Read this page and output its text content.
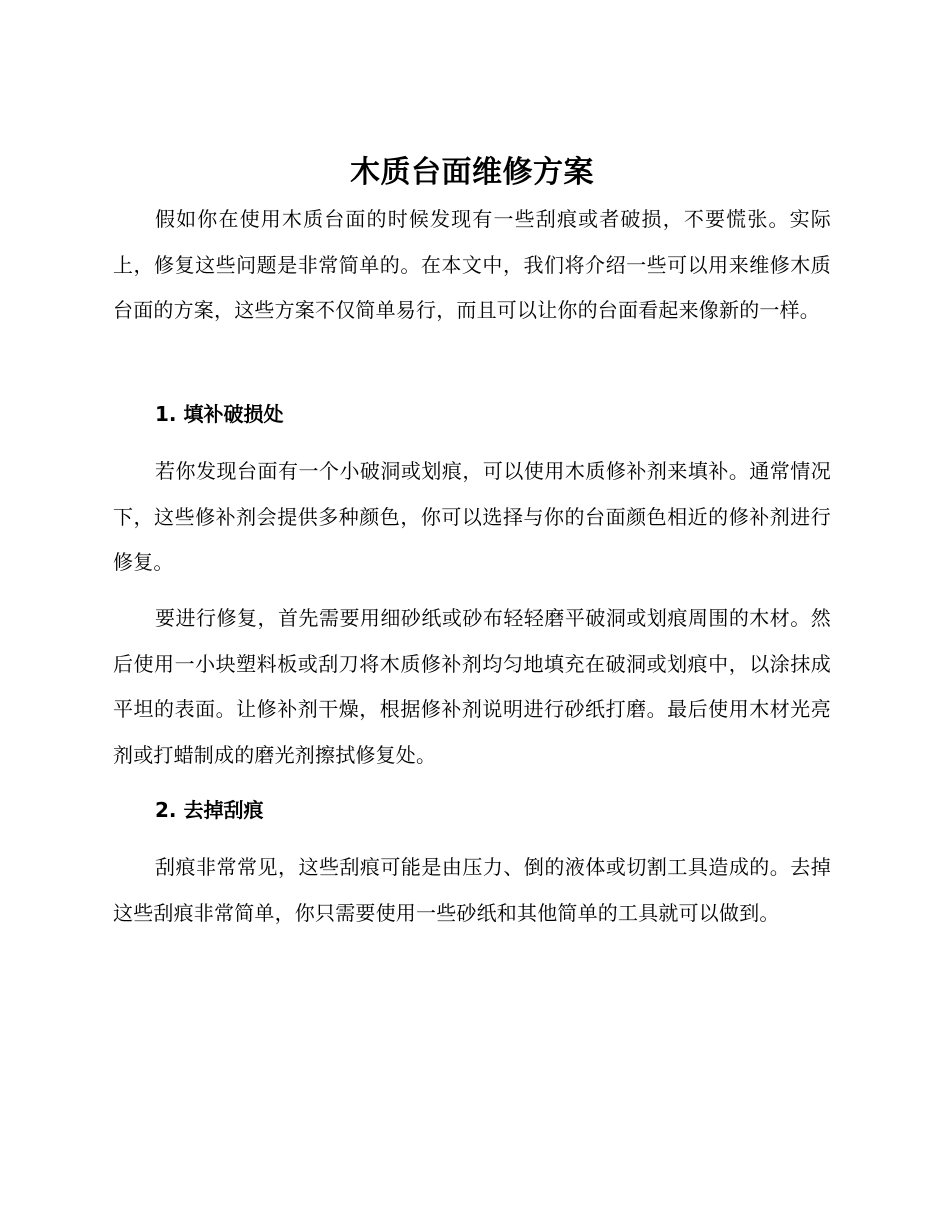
木质台面维修方案

假如你在使用木质台面的时候发现有一些刮痕或者破损，不要慌张。实际上，修复这些问题是非常简单的。在本文中，我们将介绍一些可以用来维修木质台面的方案，这些方案不仅简单易行，而且可以让你的台面看起来像新的一样。

1. 填补破损处

若你发现台面有一个小破洞或划痕，可以使用木质修补剂来填补。通常情况下，这些修补剂会提供多种颜色，你可以选择与你的台面颜色相近的修补剂进行修复。

要进行修复，首先需要用细砂纸或砂布轻轻磨平破洞或划痕周围的木材。然后使用一小块塑料板或刮刀将木质修补剂均匀地填充在破洞或划痕中，以涂抹成平坦的表面。让修补剂干燥，根据修补剂说明进行砂纸打磨。最后使用木材光亮剂或打蜡制成的磨光剂擦拭修复处。

2. 去掉刮痕

刮痕非常常见，这些刮痕可能是由压力、倒的液体或切割工具造成的。去掉这些刮痕非常简单，你只需要使用一些砂纸和其他简单的工具就可以做到。
